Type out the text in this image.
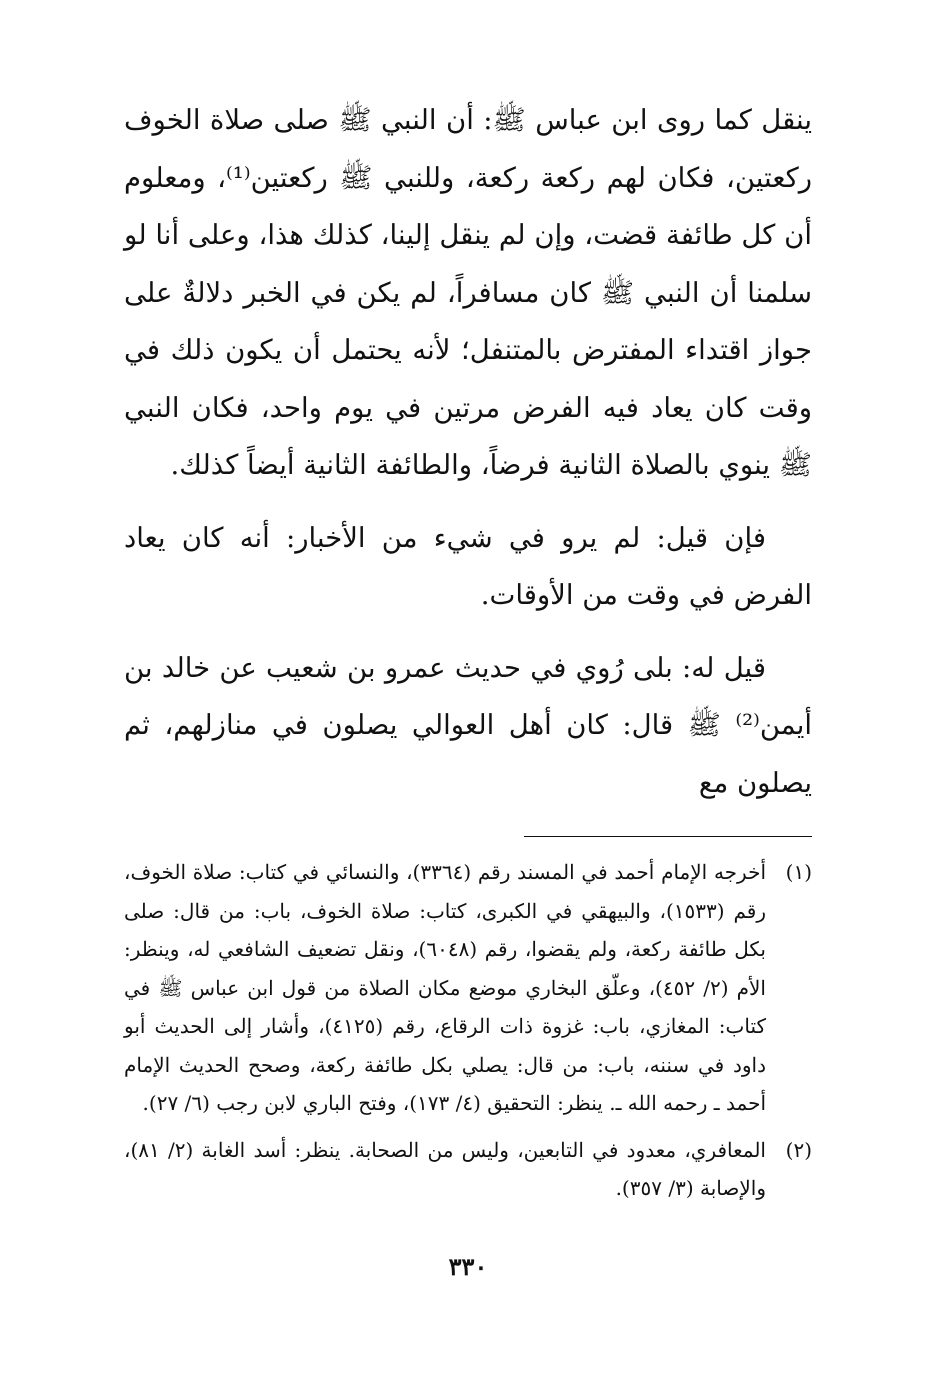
ينقل كما روى ابن عباس ﷺ: أن النبي ﷺ صلى صلاة الخوف ركعتين، فكان لهم ركعة ركعة، وللنبي ﷺ ركعتين⁽¹⁾، ومعلوم أن كل طائفة قضت، وإن لم ينقل إلينا، كذلك هذا، وعلى أنا لو سلمنا أن النبي ﷺ كان مسافراً، لم يكن في الخبر دلالةٌ على جواز اقتداء المفترض بالمتنفل؛ لأنه يحتمل أن يكون ذلك في وقت كان يعاد فيه الفرض مرتين في يوم واحد، فكان النبي ﷺ ينوي بالصلاة الثانية فرضاً، والطائفة الثانية أيضاً كذلك.

فإن قيل: لم يرو في شيء من الأخبار: أنه كان يعاد الفرض في وقت من الأوقات.

قيل له: بلى رُوي في حديث عمرو بن شعيب عن خالد بن أيمن⁽²⁾ ﷺ قال: كان أهل العوالي يصلون في منازلهم، ثم يصلون مع

(١)
أخرجه الإمام أحمد في المسند رقم (٣٣٦٤)، والنسائي في كتاب: صلاة الخوف، رقم (١٥٣٣)، والبيهقي في الكبرى، كتاب: صلاة الخوف، باب: من قال: صلى بكل طائفة ركعة، ولم يقضوا، رقم (٦٠٤٨)، ونقل تضعيف الشافعي له، وينظر: الأم (٢/ ٤٥٢)، وعلّق البخاري موضع مكان الصلاة من قول ابن عباس ﷺ في كتاب: المغازي، باب: غزوة ذات الرقاع، رقم (٤١٢٥)، وأشار إلى الحديث أبو داود في سننه، باب: من قال: يصلي بكل طائفة ركعة، وصحح الحديث الإمام أحمد ـ رحمه الله ـ. ينظر: التحقيق (٤/ ١٧٣)، وفتح الباري لابن رجب (٦/ ٢٧).
(٢)
المعافري، معدود في التابعين، وليس من الصحابة. ينظر: أسد الغابة (٢/ ٨١)، والإصابة (٣/ ٣٥٧).
٣٣٠
